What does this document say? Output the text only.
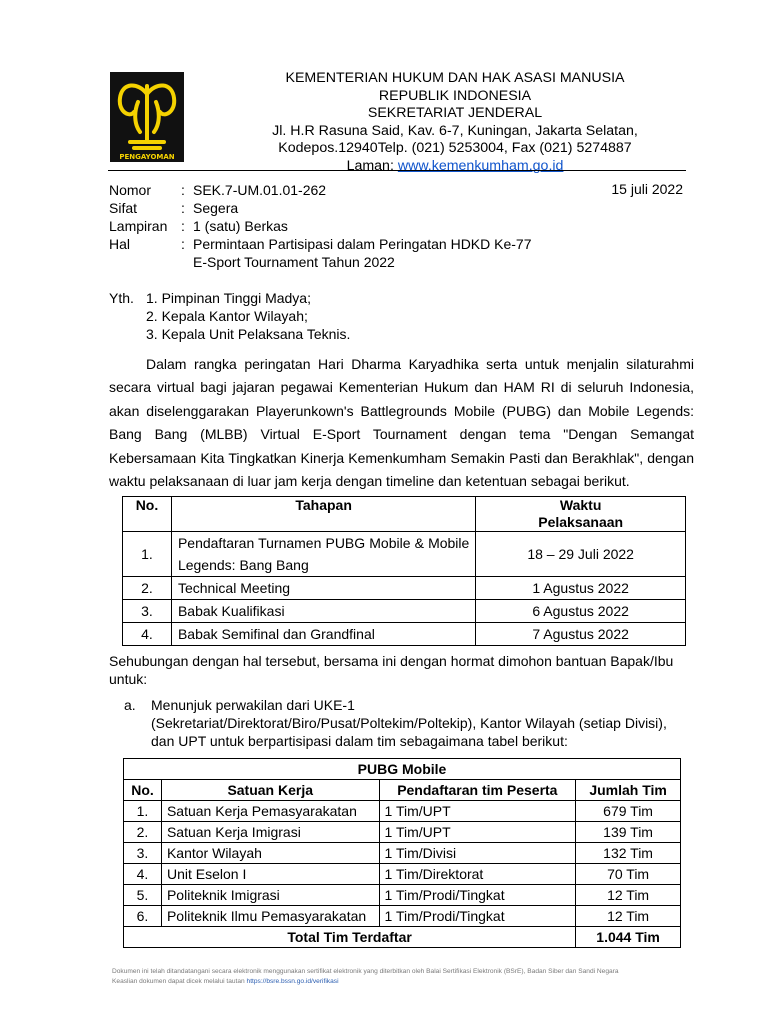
PENGAYOMAN
KEMENTERIAN HUKUM DAN HAK ASASI MANUSIA
REPUBLIK INDONESIA
SEKRETARIAT JENDERAL
Jl. H.R Rasuna Said, Kav. 6-7, Kuningan, Jakarta Selatan,
Kodepos.12940Telp. (021) 5253004, Fax (021) 5274887
Laman: www.kemenkumham.go.id
Nomor : SEK.7-UM.01.01-262	15 juli 2022
Sifat	: Segera
Lampiran : 1 (satu) Berkas
Hal	: Permintaan Partisipasi dalam Peringatan HDKD Ke-77
E-Sport Tournament Tahun 2022
Yth. 1. Pimpinan Tinggi Madya;
2. Kepala Kantor Wilayah;
3. Kepala Unit Pelaksana Teknis.
Dalam rangka peringatan Hari Dharma Karyadhika serta untuk menjalin silaturahmi secara virtual bagi jajaran pegawai Kementerian Hukum dan HAM RI di seluruh Indonesia, akan diselenggarakan Playerunkown's Battlegrounds Mobile (PUBG) dan Mobile Legends: Bang Bang (MLBB) Virtual E-Sport Tournament dengan tema "Dengan Semangat Kebersamaan Kita Tingkatkan Kinerja Kemenkumham Semakin Pasti dan Berakhlak", dengan waktu pelaksanaan di luar jam kerja dengan timeline dan ketentuan sebagai berikut.
No.	Tahapan	Waktu
Pelaksanaan

1.	Pendaftaran Turnamen PUBG Mobile & Mobile Legends: Bang Bang	18 – 29 Juli 2022
2.	Technical Meeting	1 Agustus 2022
3.	Babak Kualifikasi	6 Agustus 2022
4.	Babak Semifinal dan Grandfinal	7 Agustus 2022
Sehubungan dengan hal tersebut, bersama ini dengan hormat dimohon bantuan Bapak/Ibu untuk:
a. Menunjuk perwakilan dari UKE-1
(Sekretariat/Direktorat/Biro/Pusat/Poltekim/Poltekip), Kantor Wilayah (setiap Divisi),
dan UPT untuk berpartisipasi dalam tim sebagaimana tabel berikut:
PUBG Mobile			
No.	Satuan Kerja	Pendaftaran tim Peserta	Jumlah Tim
1.	Satuan Kerja Pemasyarakatan	1 Tim/UPT	679 Tim
2.	Satuan Kerja Imigrasi	1 Tim/UPT	139 Tim
3.	Kantor Wilayah	1 Tim/Divisi	132 Tim
4.	Unit Eselon I	1 Tim/Direktorat	70 Tim
5.	Politeknik Imigrasi	1 Tim/Prodi/Tingkat	12 Tim
6.	Politeknik Ilmu Pemasyarakatan	1 Tim/Prodi/Tingkat	12 Tim
Total Tim Terdaftar			1.044 Tim
Dokumen ini telah ditandatangani secara elektronik menggunakan sertifikat elektronik yang diterbitkan oleh Balai Sertifikasi Elektronik (BSrE), Badan Siber dan Sandi Negara
Keaslian dokumen dapat dicek melalui tautan https://bsre.bssn.go.id/verifikasi
